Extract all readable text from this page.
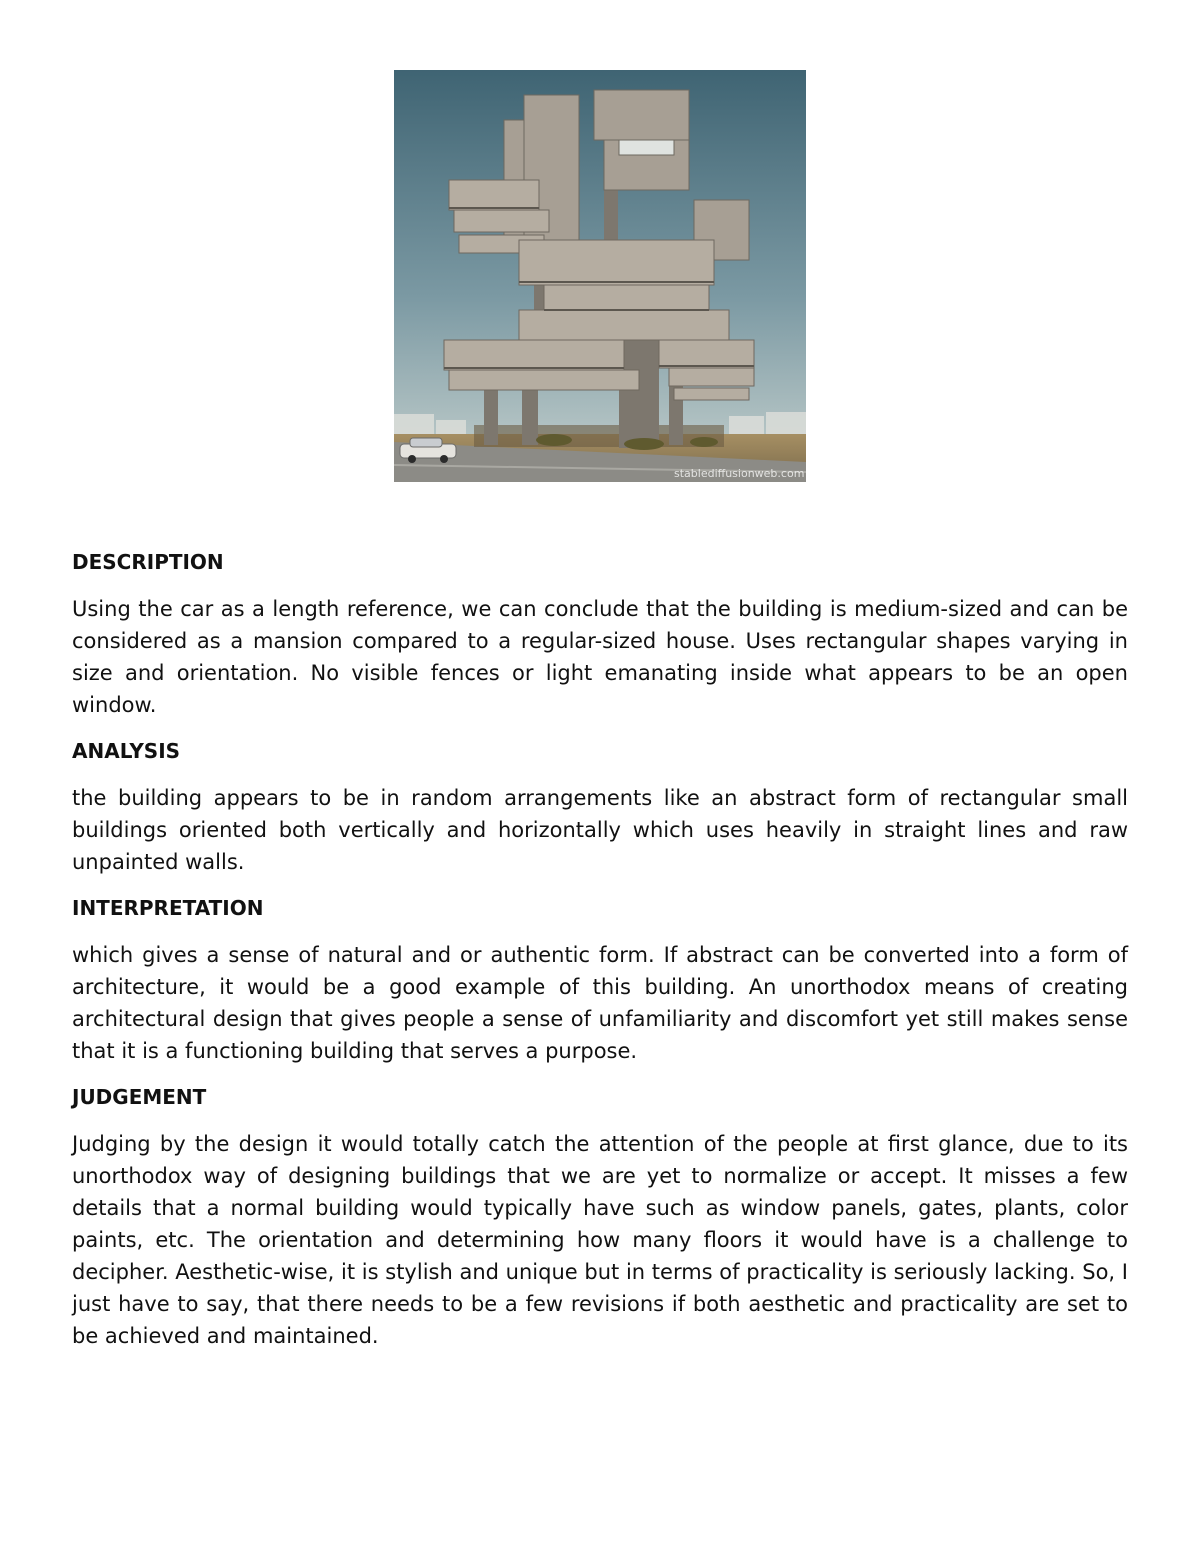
stablediffusionweb.com
DESCRIPTION

Using the car as a length reference, we can conclude that the building is medium-sized and can be considered as a mansion compared to a regular-sized house. Uses rectangular shapes varying in size and orientation. No visible fences or light emanating inside what appears to be an open window.

ANALYSIS

the building appears to be in random arrangements like an abstract form of rectangular small buildings oriented both vertically and horizontally which uses heavily in straight lines and raw unpainted walls.

INTERPRETATION

which gives a sense of natural and or authentic form. If abstract can be converted into a form of architecture, it would be a good example of this building. An unorthodox means of creating architectural design that gives people a sense of unfamiliarity and discomfort yet still makes sense that it is a functioning building that serves a purpose.

JUDGEMENT

Judging by the design it would totally catch the attention of the people at first glance, due to its unorthodox way of designing buildings that we are yet to normalize or accept. It misses a few details that a normal building would typically have such as window panels, gates, plants, color paints, etc. The orientation and determining how many floors it would have is a challenge to decipher. Aesthetic-wise, it is stylish and unique but in terms of practicality is seriously lacking. So, I just have to say, that there needs to be a few revisions if both aesthetic and practicality are set to be achieved and maintained.
